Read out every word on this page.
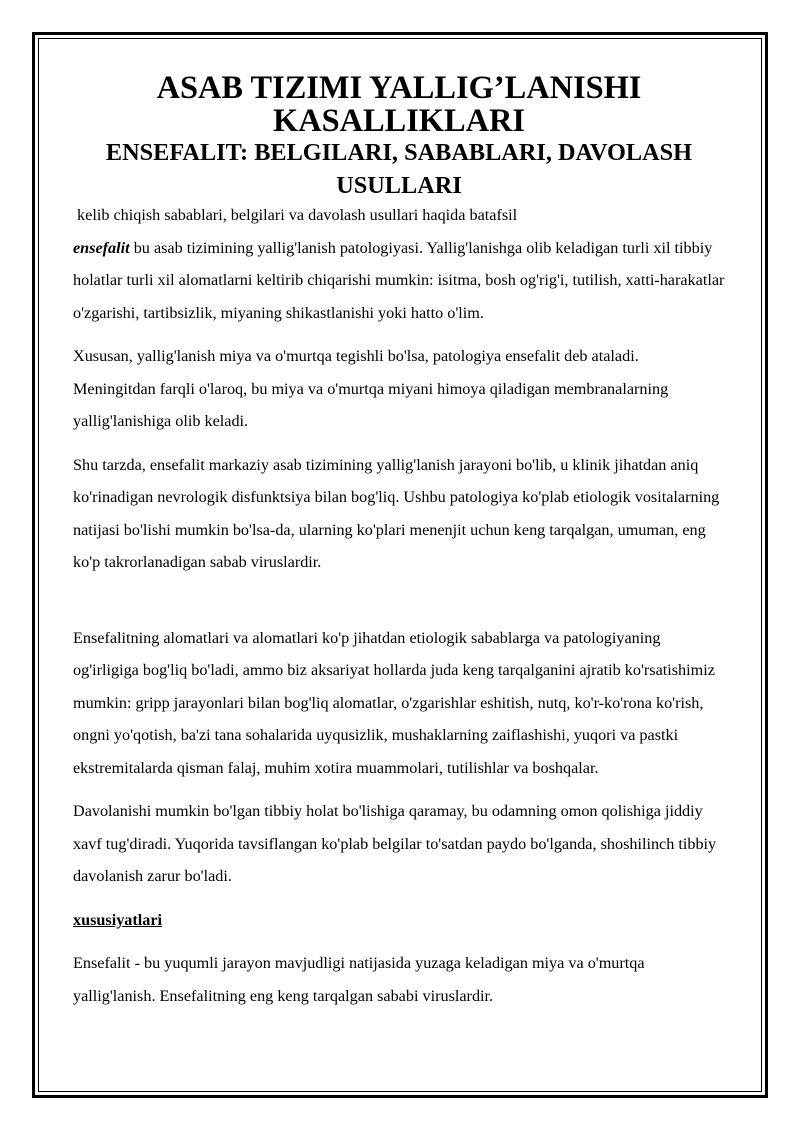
ASAB TIZIMI YALLIG’LANISHI KASALLIKLARI
ENSEFALIT: BELGILARI, SABABLARI, DAVOLASH USULLARI

kelib chiqish sabablari, belgilari va davolash usullari haqida batafsil

ensefalit bu asab tizimining yallig'lanish patologiyasi. Yallig'lanishga olib keladigan turli xil tibbiy holatlar turli xil alomatlarni keltirib chiqarishi mumkin: isitma, bosh og'rig'i, tutilish, xatti-harakatlar o'zgarishi, tartibsizlik, miyaning shikastlanishi yoki hatto o'lim.

Xususan, yallig'lanish miya va o'murtqa tegishli bo'lsa, patologiya ensefalit deb ataladi. Meningitdan farqli o'laroq, bu miya va o'murtqa miyani himoya qiladigan membranalarning yallig'lanishiga olib keladi.

Shu tarzda, ensefalit markaziy asab tizimining yallig'lanish jarayoni bo'lib, u klinik jihatdan aniq ko'rinadigan nevrologik disfunktsiya bilan bog'liq. Ushbu patologiya ko'plab etiologik vositalarning natijasi bo'lishi mumkin bo'lsa-da, ularning ko'plari menenjit uchun keng tarqalgan, umuman, eng ko'p takrorlanadigan sabab viruslardir.

Ensefalitning alomatlari va alomatlari ko'p jihatdan etiologik sabablarga va patologiyaning og'irligiga bog'liq bo'ladi, ammo biz aksariyat hollarda juda keng tarqalganini ajratib ko'rsatishimiz mumkin: gripp jarayonlari bilan bog'liq alomatlar, o'zgarishlar eshitish, nutq, ko'r-ko'rona ko'rish, ongni yo'qotish, ba'zi tana sohalarida uyqusizlik, mushaklarning zaiflashishi, yuqori va pastki ekstremitalarda qisman falaj, muhim xotira muammolari, tutilishlar va boshqalar.

Davolanishi mumkin bo'lgan tibbiy holat bo'lishiga qaramay, bu odamning omon qolishiga jiddiy xavf tug'diradi. Yuqorida tavsiflangan ko'plab belgilar to'satdan paydo bo'lganda, shoshilinch tibbiy davolanish zarur bo'ladi.

xususiyatlari

Ensefalit - bu yuqumli jarayon mavjudligi natijasida yuzaga keladigan miya va o'murtqa yallig'lanish. Ensefalitning eng keng tarqalgan sababi viruslardir.
